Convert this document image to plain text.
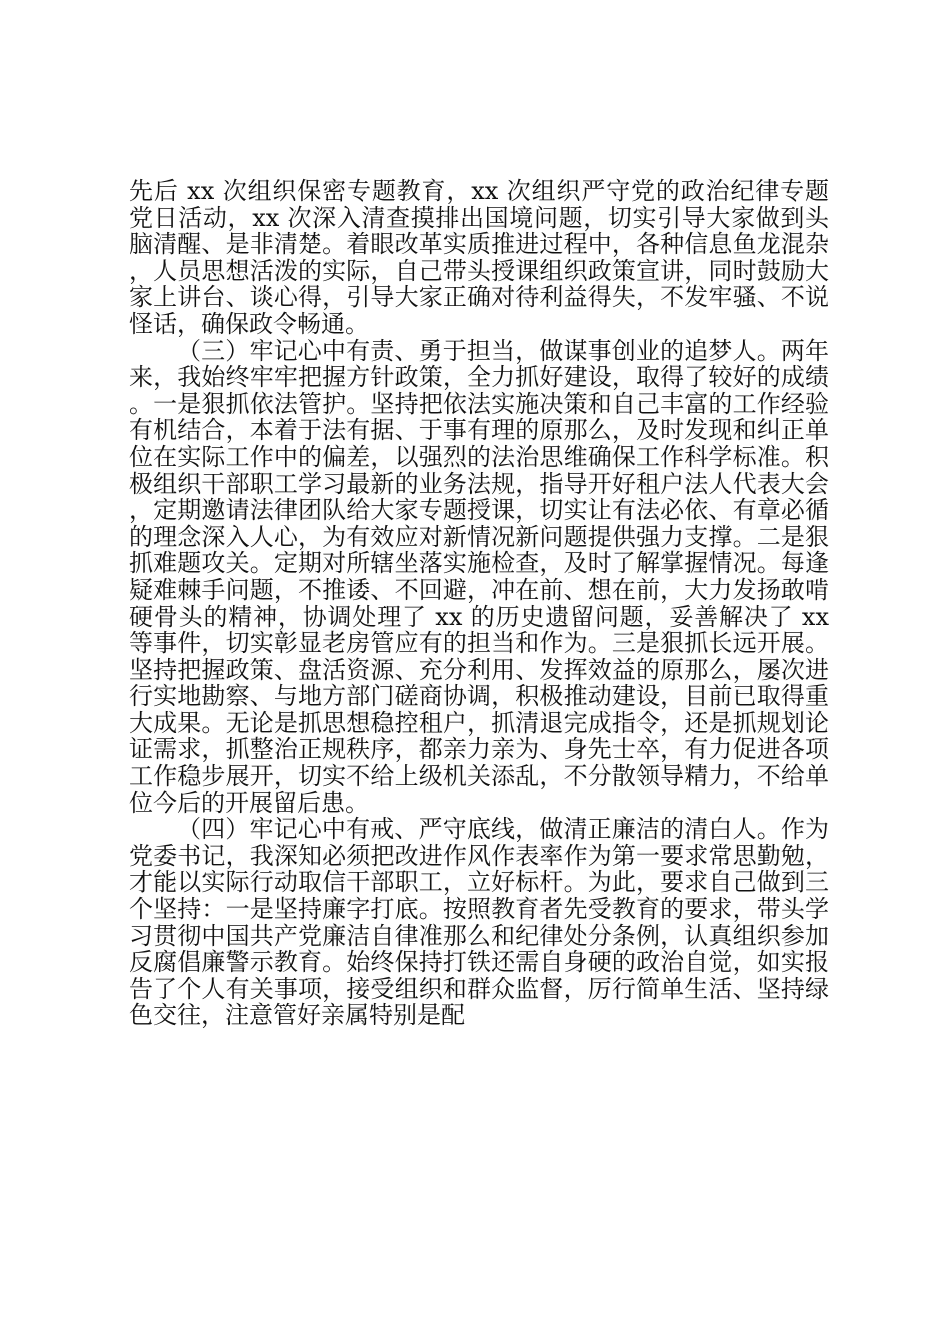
先后 xx 次组织保密专题教育，xx 次组织严守党的政治纪律专题党日活动，xx 次深入清查摸排出国境问题，切实引导大家做到头脑清醒、是非清楚。着眼改革实质推进过程中，各种信息鱼龙混杂，人员思想活泼的实际，自己带头授课组织政策宣讲，同时鼓励大家上讲台、谈心得，引导大家正确对待利益得失，不发牢骚、不说怪话，确保政令畅通。

（三）牢记心中有责、勇于担当，做谋事创业的追梦人。两年来，我始终牢牢把握方针政策，全力抓好建设，取得了较好的成绩。一是狠抓依法管护。坚持把依法实施决策和自己丰富的工作经验有机结合，本着于法有据、于事有理的原那么，及时发现和纠正单位在实际工作中的偏差，以强烈的法治思维确保工作科学标准。积极组织干部职工学习最新的业务法规，指导开好租户法人代表大会，定期邀请法律团队给大家专题授课，切实让有法必依、有章必循的理念深入人心，为有效应对新情况新问题提供强力支撑。二是狠抓难题攻关。定期对所辖坐落实施检查，及时了解掌握情况。每逢疑难棘手问题，不推诿、不回避，冲在前、想在前，大力发扬敢啃硬骨头的精神，协调处理了 xx 的历史遗留问题，妥善解决了 xx 等事件，切实彰显老房管应有的担当和作为。三是狠抓长远开展。坚持把握政策、盘活资源、充分利用、发挥效益的原那么，屡次进行实地勘察、与地方部门磋商协调，积极推动建设，目前已取得重大成果。无论是抓思想稳控租户，抓清退完成指令，还是抓规划论证需求，抓整治正规秩序，都亲力亲为、身先士卒，有力促进各项工作稳步展开，切实不给上级机关添乱，不分散领导精力，不给单位今后的开展留后患。

（四）牢记心中有戒、严守底线，做清正廉洁的清白人。作为党委书记，我深知必须把改进作风作表率作为第一要求常思勤勉，才能以实际行动取信干部职工，立好标杆。为此，要求自己做到三个坚持：一是坚持廉字打底。按照教育者先受教育的要求，带头学习贯彻中国共产党廉洁自律准那么和纪律处分条例，认真组织参加反腐倡廉警示教育。始终保持打铁还需自身硬的政治自觉，如实报告了个人有关事项，接受组织和群众监督，厉行简单生活、坚持绿色交往，注意管好亲属特别是配
